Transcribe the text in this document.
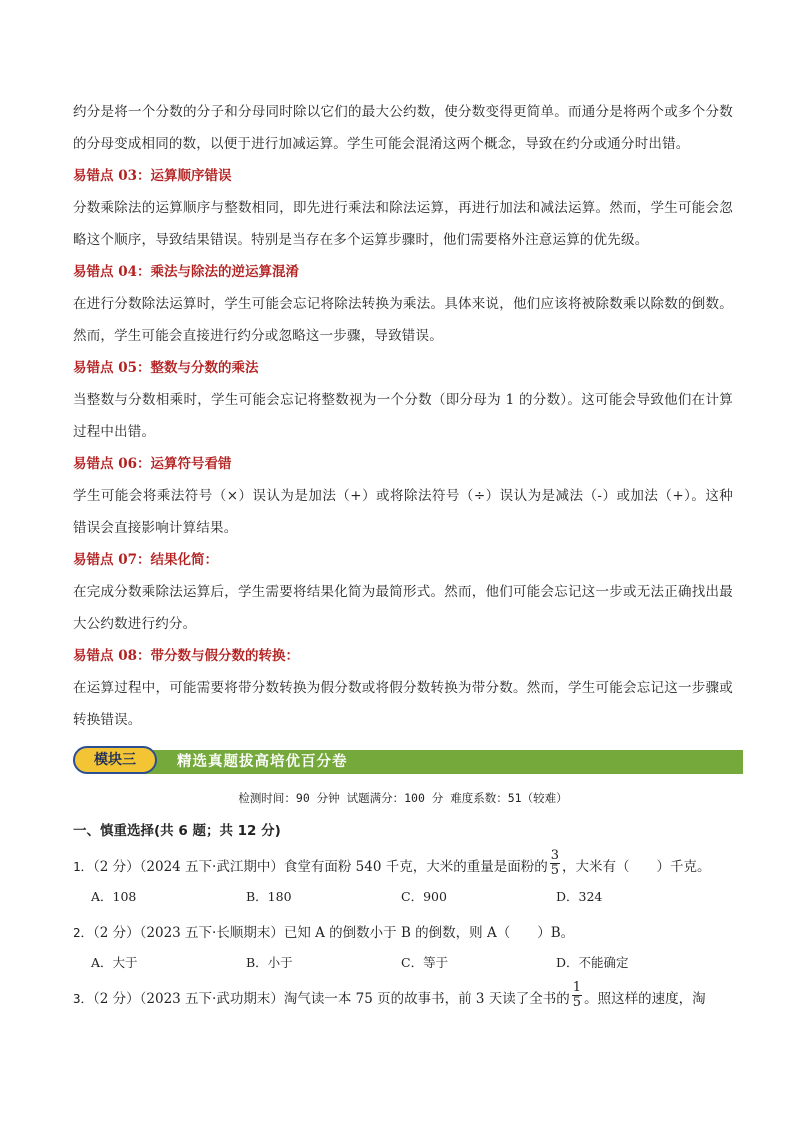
约分是将一个分数的分子和分母同时除以它们的最大公约数，使分数变得更简单。而通分是将两个或多个分数的分母变成相同的数，以便于进行加减运算。学生可能会混淆这两个概念，导致在约分或通分时出错。

易错点 03：运算顺序错误

分数乘除法的运算顺序与整数相同，即先进行乘法和除法运算，再进行加法和减法运算。然而，学生可能会忽略这个顺序，导致结果错误。特别是当存在多个运算步骤时，他们需要格外注意运算的优先级。

易错点 04：乘法与除法的逆运算混淆

在进行分数除法运算时，学生可能会忘记将除法转换为乘法。具体来说，他们应该将被除数乘以除数的倒数。然而，学生可能会直接进行约分或忽略这一步骤，导致错误。

易错点 05：整数与分数的乘法

当整数与分数相乘时，学生可能会忘记将整数视为一个分数（即分母为 1 的分数）。这可能会导致他们在计算过程中出错。

易错点 06：运算符号看错

学生可能会将乘法符号（×）误认为是加法（+）或将除法符号（÷）误认为是减法（-）或加法（+）。这种错误会直接影响计算结果。

易错点 07：结果化简：

在完成分数乘除法运算后，学生需要将结果化简为最简形式。然而，他们可能会忘记这一步或无法正确找出最大公约数进行约分。

易错点 08：带分数与假分数的转换：

在运算过程中，可能需要将带分数转换为假分数或将假分数转换为带分数。然而，学生可能会忘记这一步骤或转换错误。

精选真题拔高培优百分卷
模块三
检测时间：90 分钟 试题满分：100 分 难度系数：51（较难）
一、慎重选择(共 6 题；共 12 分)
1．（2 分）（2024 五下·武江期中）食堂有面粉 540 千克，大米的重量是面粉的 $\frac{3}{5}$ ，大米有（　　）千克。
A．108	B．180	C．900	D．324
2．（2 分）（2023 五下·长顺期末）已知 A 的倒数小于 B 的倒数，则 A（　　）B。
A．大于	B．小于	C．等于	D．不能确定
3．（2 分）（2023 五下·武功期末）淘气读一本 75 页的故事书，前 3 天读了全书的 $\frac{1}{5}$ 。照这样的速度，淘
